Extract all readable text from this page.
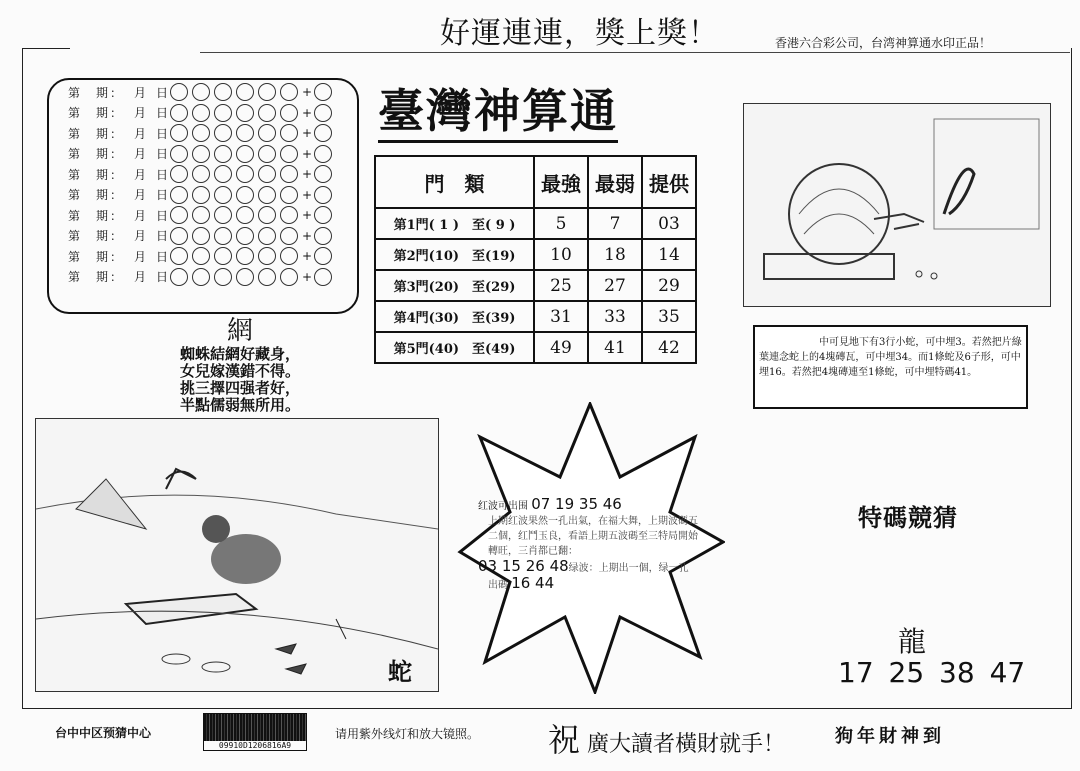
好運連連，獎上獎！	香港六合彩公司，台湾神算通水印正品！
臺灣神算通
門　類	最強	最弱	提供
第1門( 1 )　至( 9 )	5	7	03
第2門(10)　至(19)	10	18	14
第3門(20)　至(29)	25	27	29
第4門(30)　至(39)	31	33	35
第5門(40)　至(49)	49	41	42
網
蜘蛛結網好藏身，
女兒嫁漢錯不得。
挑三擇四强者好，
半點儒弱無所用。
中可見地下有3行小蛇，可中埋3。若然把片綠葉連念蛇上的4塊磚瓦，可中埋34。而1條蛇及6子形，可中埋16。若然把4塊磚連至1條蛇，可中埋特碼41。
蛇
红波可出围 07 19 35 46
上期红波果然一孔出氣，在福大舞，上期波碼五二個，红鬥玉良，看語上期五波碼至三特局開始轉旺，三肖都已翻：
03 15 26 48绿波：上期出一個，绿一孔
出碼 16 44
特碼競猜
龍
17 25 38 47
台中中区预猜中心
09910D1206816A9
请用紫外线灯和放大镜照。 祝 廣大讀者橫財就手！	狗年財神到
第	期 ： 月 日	+
第	期 ： 月 日	+
第	期 ： 月 日	+
第	期 ： 月 日	+
第	期 ： 月 日	+
第	期 ： 月 日	+
第	期 ： 月 日	+
第	期 ： 月 日	+
第	期 ： 月 日	+
第	期 ： 月 日	+
